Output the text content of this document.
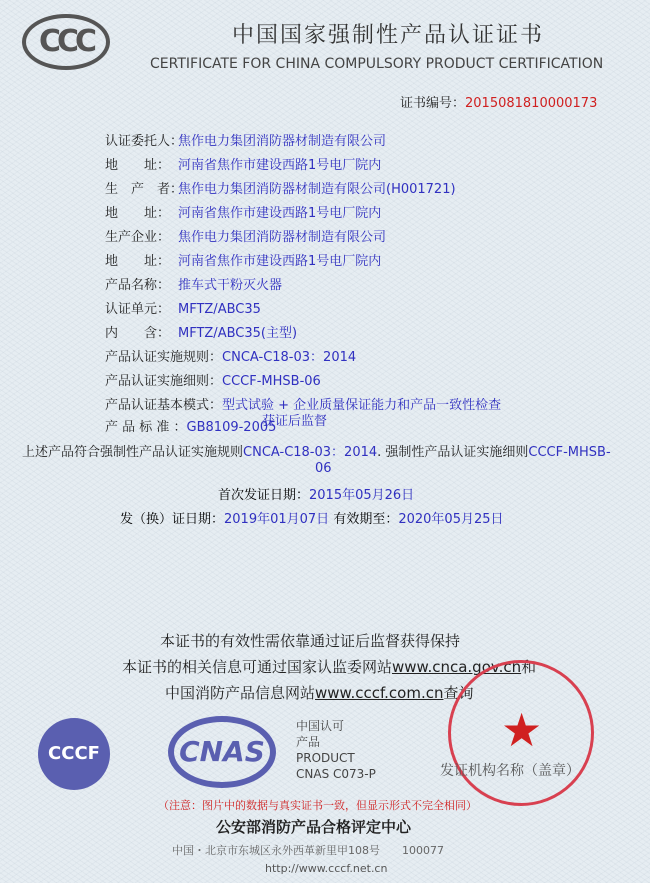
CCC	中国国家强制性产品认证证书
CERTIFICATE FOR CHINA COMPULSORY PRODUCT CERTIFICATION
证书编号：2015081810000173
认证委托人：焦作电力集团消防器材制造有限公司
地　　址： 河南省焦作市建设西路1号电厂院内
生　产　者：焦作电力集团消防器材制造有限公司(H001721)
地　　址： 河南省焦作市建设西路1号电厂院内
生产企业： 焦作电力集团消防器材制造有限公司
地　　址： 河南省焦作市建设西路1号电厂院内
产品名称： 推车式干粉灭火器
认证单元： MFTZ/ABC35
内　　含： MFTZ/ABC35(主型)
产品认证实施规则：CNCA-C18-03：2014
产品认证实施细则：CCCF-MHSB-06
产品认证基本模式：型式试验 + 企业质量保证能力和产品一致性检查
获证后监督
产 品 标 准 ：GB8109-2005
上述产品符合强制性产品认证实施规则CNCA-C18-03：2014. 强制性产品认证实施细则CCCF-MHSB-
06
首次发证日期：2015年05月26日
发（换）证日期：2019年01月07日 有效期至：2020年05月25日
本证书的有效性需依靠通过证后监督获得保持
本证书的相关信息可通过国家认监委网站www.cnca.gov.cn和
中国消防产品信息网站www.cccf.com.cn查询
CCCF	CNAS
中国认可
产品
PRODUCT
CNAS C073-P
★
发证机构名称（盖章）
（注意：图片中的数据与真实证书一致，但显示形式不完全相同）
公安部消防产品合格评定中心
中国・北京市东城区永外西革新里甲108号　　100077
http://www.cccf.net.cn
